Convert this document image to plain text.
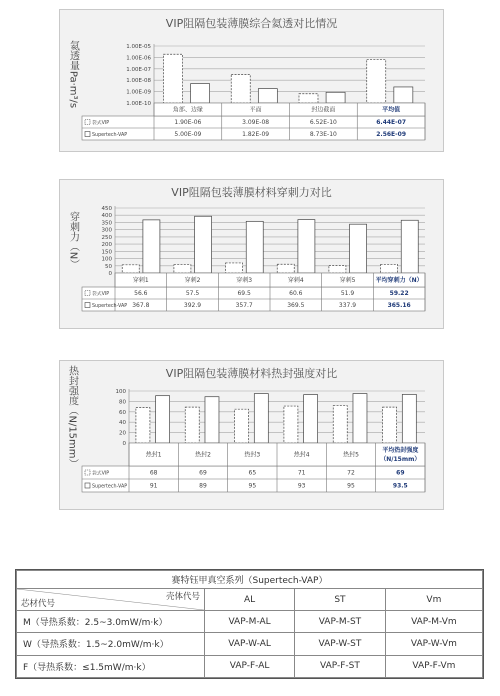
VIP阻隔包装薄膜综合氦透对比情况
氦透量Pa·m³/s	1.00E-05
1.00E-06
1.00E-07
1.00E-08
1.00E-09
1.00E-10
角部、边缘	平面	封边截面	平均值
袋式VIP	1.90E-06	3.09E-08	6.52E-10	6.44E-07
Supertech-VAP	5.00E-09	1.82E-09	8.73E-10	2.56E-09
VIP阻隔包装薄膜材料穿刺力对比
穿刺力（N）
450
400
350
300
250
200
150
100
50
0
穿刺1	穿刺2	穿刺3	穿刺4	穿刺5	平均穿刺力（N）
袋式VIP	56.6	57.5	69.5	60.6	51.9	59.22
Supertech-VAP 367.8	392.9	357.7	369.5	337.9	365.16
VIP阻隔包装薄膜材料热封强度对比
热封强度（N/15mm）	100
80
60
40
20
0
热封1	热封2	热封3	热封4	热封5
平均热封强度
（N/15mm）
袋式VIP	68	69	65	71	72	69
Supertech-VAP	91	89	95	93	95	93.5
赛特钰甲真空系列（Supertech-VAP）			

壳体代号
芯材代号	AL	ST	Vm
M（导热系数：2.5~3.0mW/m·k）	VAP-M-AL	VAP-M-ST	VAP-M-Vm
W（导热系数：1.5~2.0mW/m·k）	VAP-W-AL	VAP-W-ST	VAP-W-Vm
F（导热系数：≤1.5mW/m·k）	VAP-F-AL	VAP-F-ST	VAP-F-Vm
